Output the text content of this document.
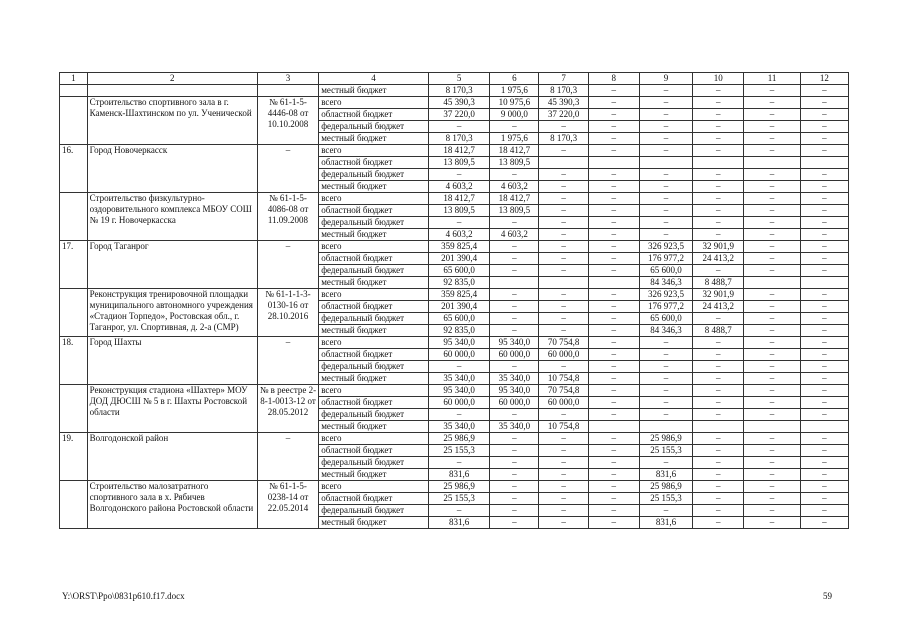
1	2	3	4	5	6	7	8	9	10	11	12
			местный бюджет	8 170,3	1 975,6	8 170,3	–	–	–	–	–
	Строительство спортивного зала в г. Каменск-Шахтинском по ул. Ученической	№ 61-1-5-4446-08 от 10.10.2008	всего	45 390,3	10 975,6	45 390,3	–	–	–	–	–
			областной бюджет	37 220,0	9 000,0	37 220,0	–	–	–	–	–
			федеральный бюджет	–	–	–	–	–	–	–	–
			местный бюджет	8 170,3	1 975,6	8 170,3	–	–	–	–	–
16.	Город Новочеркасск	–	всего	18 412,7	18 412,7	–	–	–	–	–	–
			областной бюджет	13 809,5	13 809,5						
			федеральный бюджет	–	–	–	–	–	–	–	–
			местный бюджет	4 603,2	4 603,2	–	–	–	–	–	–
	Строительство физкультурно-оздоровительного комплекса МБОУ СОШ № 19 г. Новочеркасска	№ 61-1-5-4086-08 от 11.09.2008	всего	18 412,7	18 412,7	–	–	–	–	–	–
			областной бюджет	13 809,5	13 809,5	–	–	–	–	–	–
			федеральный бюджет	–	–	–	–	–	–	–	–
			местный бюджет	4 603,2	4 603,2	–	–	–	–	–	–
17.	Город Таганрог	–	всего	359 825,4	–	–	–	326 923,5	32 901,9	–	–
			областной бюджет	201 390,4	–	–	–	176 977,2	24 413,2	–	–
			федеральный бюджет	65 600,0	–	–	–	65 600,0	–	–	–
			местный бюджет	92 835,0				84 346,3	8 488,7		
	Реконструкция тренировочной площадки муниципального автономного учреждения «Стадион Торпедо», Ростовская обл., г. Таганрог, ул. Спортивная, д. 2-а (СМР)	№ 61-1-1-3-0130-16 от 28.10.2016	всего	359 825,4	–	–	–	326 923,5	32 901,9	–	–
			областной бюджет	201 390,4	–	–	–	176 977,2	24 413,2	–	–
			федеральный бюджет	65 600,0	–	–	–	65 600,0	–	–	–
			местный бюджет	92 835,0	–	–	–	84 346,3	8 488,7	–	–
18.	Город Шахты	–	всего	95 340,0	95 340,0	70 754,8	–	–	–	–	–
			областной бюджет	60 000,0	60 000,0	60 000,0	–	–	–	–	–
			федеральный бюджет	–	–	–	–	–	–	–	–
			местный бюджет	35 340,0	35 340,0	10 754,8	–	–	–	–	–
	Реконструкция стадиона «Шахтер» МОУ ДОД ДЮСШ № 5 в г. Шахты Ростовской области	№ в реестре 2-8-1-0013-12 от 28.05.2012	всего	95 340,0	95 340,0	70 754,8	–	–	–	–	–
			областной бюджет	60 000,0	60 000,0	60 000,0	–	–	–	–	–
			федеральный бюджет	–	–	–	–	–	–	–	–
			местный бюджет	35 340,0	35 340,0	10 754,8					
19.	Волгодонской район	–	всего	25 986,9	–	–	–	25 986,9	–	–	–
			областной бюджет	25 155,3	–	–	–	25 155,3	–	–	–
			федеральный бюджет	–	–	–	–	–	–	–	–
			местный бюджет	831,6	–	–	–	831,6	–	–	–
	Строительство малозатратного спортивного зала в х. Рябичев Волгодонского района Ростовской области	№ 61-1-5-0238-14 от 22.05.2014	всего	25 986,9	–	–	–	25 986,9	–	–	–
			областной бюджет	25 155,3	–	–	–	25 155,3	–	–	–
			федеральный бюджет	–	–	–	–	–	–	–	–
			местный бюджет	831,6	–	–	–	831,6	–	–	–
Y:\ORST\Ppo\0831p610.f17.docx	59
